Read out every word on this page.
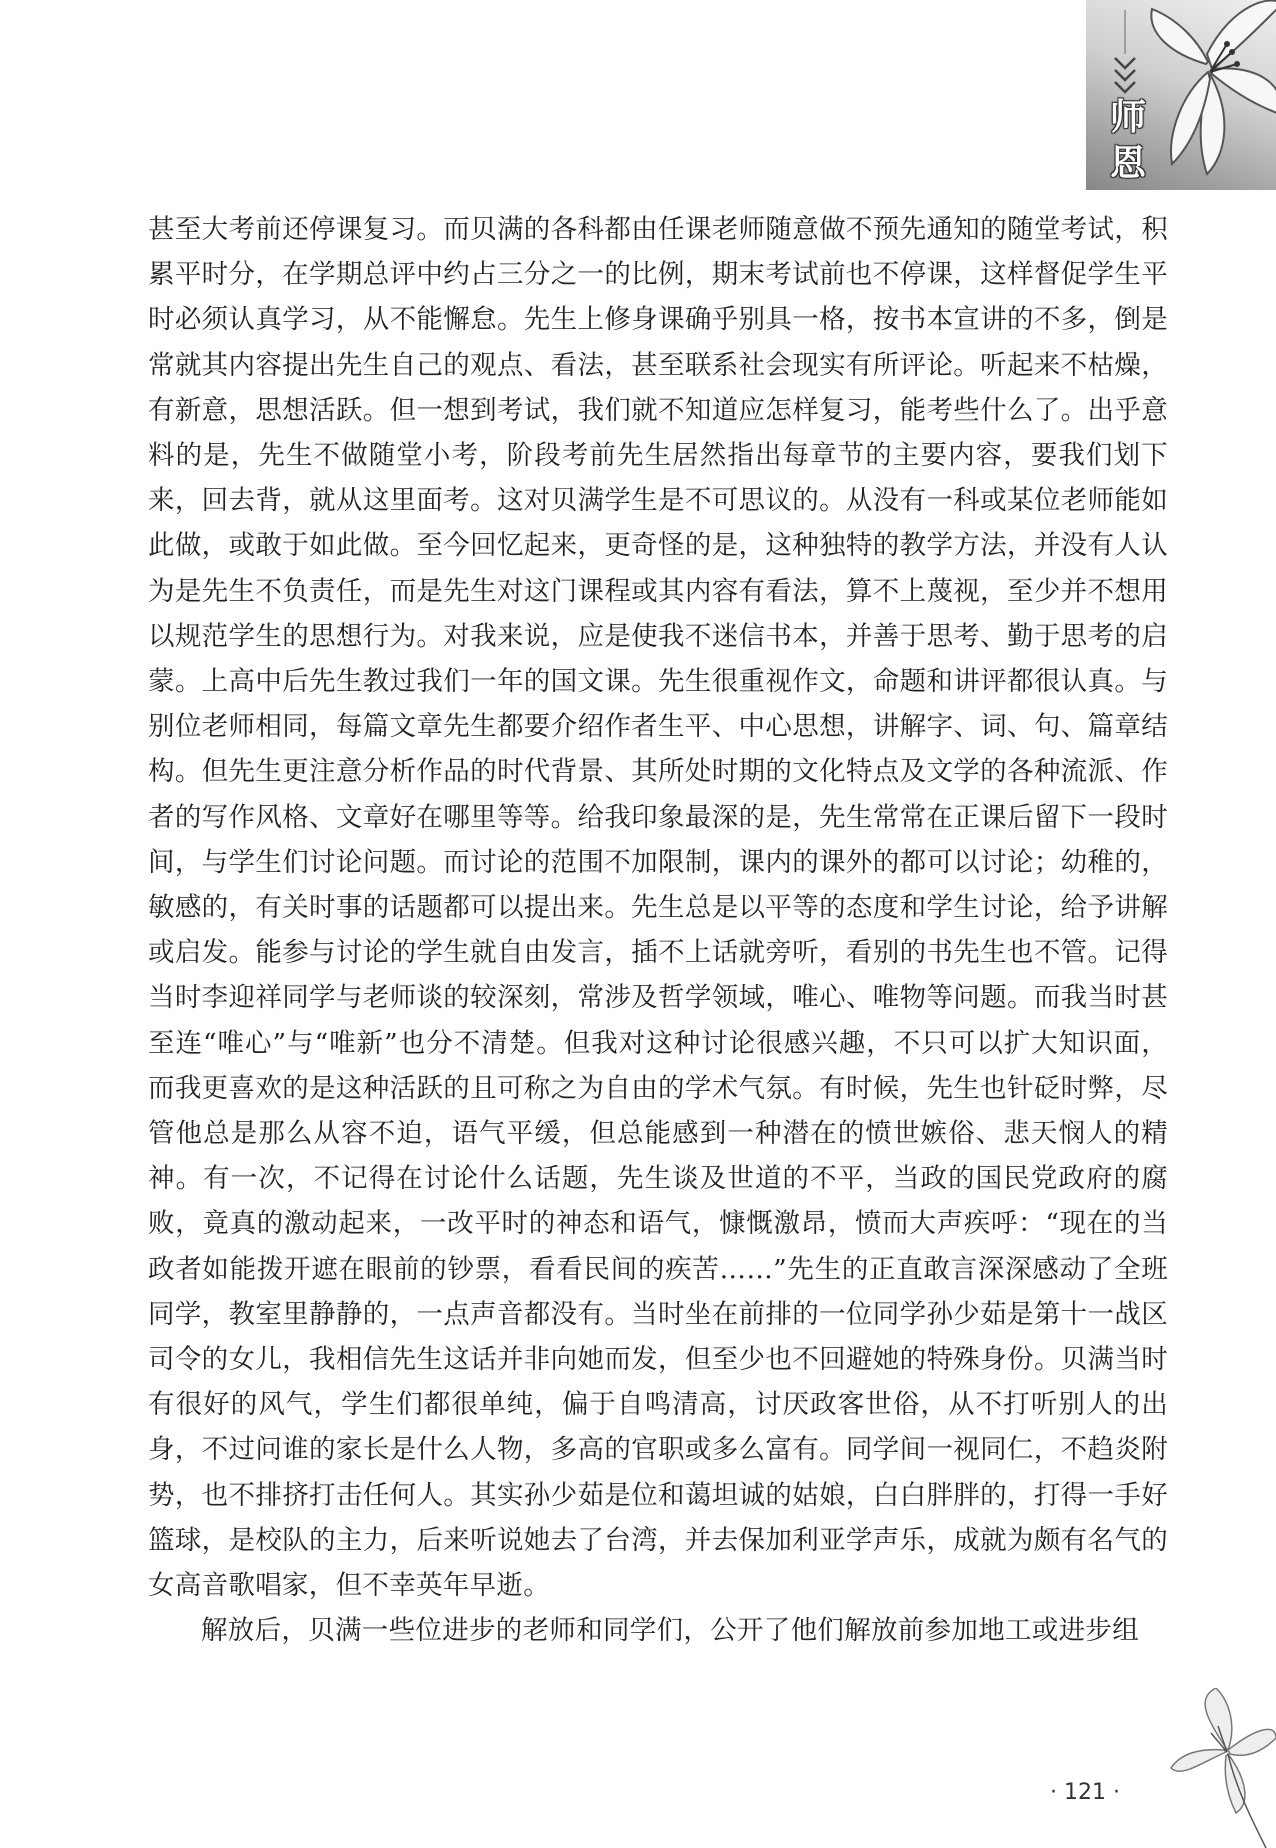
师
恩

甚至大考前还停课复习。而贝满的各科都由任课老师随意做不预先通知的随堂考试，积累平时分，在学期总评中约占三分之一的比例，期末考试前也不停课，这样督促学生平时必须认真学习，从不能懈怠。先生上修身课确乎别具一格，按书本宣讲的不多，倒是常就其内容提出先生自己的观点、看法，甚至联系社会现实有所评论。听起来不枯燥，有新意，思想活跃。但一想到考试，我们就不知道应怎样复习，能考些什么了。出乎意料的是，先生不做随堂小考，阶段考前先生居然指出每章节的主要内容，要我们划下来，回去背，就从这里面考。这对贝满学生是不可思议的。从没有一科或某位老师能如此做，或敢于如此做。至今回忆起来，更奇怪的是，这种独特的教学方法，并没有人认为是先生不负责任，而是先生对这门课程或其内容有看法，算不上蔑视，至少并不想用以规范学生的思想行为。对我来说，应是使我不迷信书本，并善于思考、勤于思考的启蒙。上高中后先生教过我们一年的国文课。先生很重视作文，命题和讲评都很认真。与别位老师相同，每篇文章先生都要介绍作者生平、中心思想，讲解字、词、句、篇章结构。但先生更注意分析作品的时代背景、其所处时期的文化特点及文学的各种流派、作者的写作风格、文章好在哪里等等。给我印象最深的是，先生常常在正课后留下一段时间，与学生们讨论问题。而讨论的范围不加限制，课内的课外的都可以讨论；幼稚的，敏感的，有关时事的话题都可以提出来。先生总是以平等的态度和学生讨论，给予讲解或启发。能参与讨论的学生就自由发言，插不上话就旁听，看别的书先生也不管。记得当时李迎祥同学与老师谈的较深刻，常涉及哲学领域，唯心、唯物等问题。而我当时甚至连“唯心”与“唯新”也分不清楚。但我对这种讨论很感兴趣，不只可以扩大知识面，而我更喜欢的是这种活跃的且可称之为自由的学术气氛。有时候，先生也针砭时弊，尽管他总是那么从容不迫，语气平缓，但总能感到一种潜在的愤世嫉俗、悲天悯人的精神。有一次，不记得在讨论什么话题，先生谈及世道的不平，当政的国民党政府的腐败，竟真的激动起来，一改平时的神态和语气，慷慨激昂，愤而大声疾呼：“现在的当政者如能拨开遮在眼前的钞票，看看民间的疾苦……”先生的正直敢言深深感动了全班同学，教室里静静的，一点声音都没有。当时坐在前排的一位同学孙少茹是第十一战区司令的女儿，我相信先生这话并非向她而发，但至少也不回避她的特殊身份。贝满当时有很好的风气，学生们都很单纯，偏于自鸣清高，讨厌政客世俗，从不打听别人的出身，不过问谁的家长是什么人物，多高的官职或多么富有。同学间一视同仁，不趋炎附势，也不排挤打击任何人。其实孙少茹是位和蔼坦诚的姑娘，白白胖胖的，打得一手好篮球，是校队的主力，后来听说她去了台湾，并去保加利亚学声乐，成就为颇有名气的女高音歌唱家，但不幸英年早逝。

解放后，贝满一些位进步的老师和同学们，公开了他们解放前参加地工或进步组

· 121 ·
